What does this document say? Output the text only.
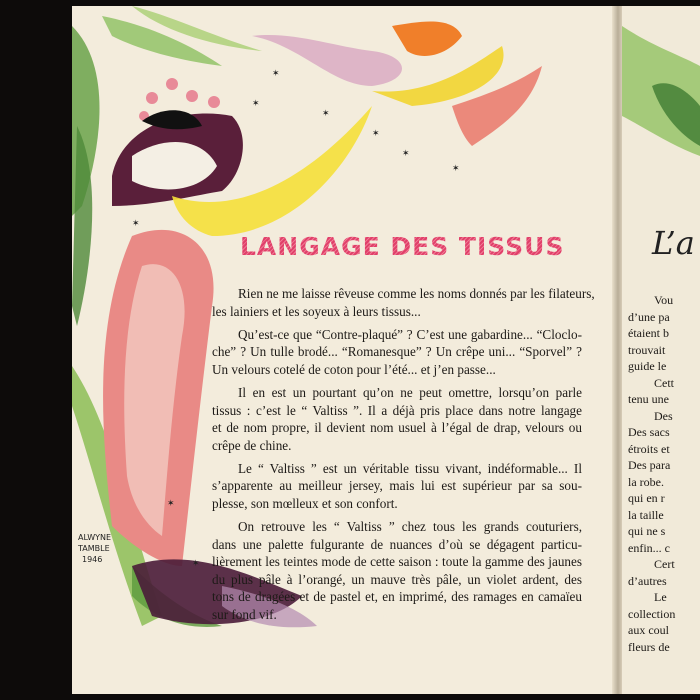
✶
✶
✶
✶
✶
✶
✶
✶
✶
ALWYNE
TAMBLE
1946
LANGAGE DES TISSUS
Rien ne me laisse rêveuse comme les noms donnés par les filateurs,
les lainiers et les soyeux à leurs tissus...
Qu’est-ce que “Contre-plaqué” ? C’est une gabardine... “Cloclo-
che” ? Un tulle brodé... “Romanesque” ? Un crêpe uni... “Sporvel” ?
Un velours cotelé de coton pour l’été... et j’en passe...
Il en est un pourtant qu’on ne peut omettre, lorsqu’on parle
tissus : c’est le “ Valtiss ”. Il a déjà pris place dans notre langage
et de nom propre, il devient nom usuel à l’égal de drap, velours ou
crêpe de chine.
Le “ Valtiss ” est un véritable tissu vivant, indéformable... Il
s’apparente au meilleur jersey, mais lui est supérieur par sa sou-
plesse, son mœlleux et son confort.
On retrouve les “ Valtiss ” chez tous les grands couturiers,
dans une palette fulgurante de nuances d’où se dégagent particu-
lièrement les teintes mode de cette saison : toute la gamme des jaunes
du plus pâle à l’orangé, un mauve très pâle, un violet ardent, des
tons de dragées et de pastel et, en imprimé, des ramages en camaïeu
sur fond vif.
L’a
Vou
d’une pa
étaient b
trouvait
guide le
Cett
tenu une
Des
Des sacs
étroits et
Des para
la robe.
qui en r
la taille
qui ne s
enfin... c
Cert
d’autres
Le
collection
aux coul
fleurs de
